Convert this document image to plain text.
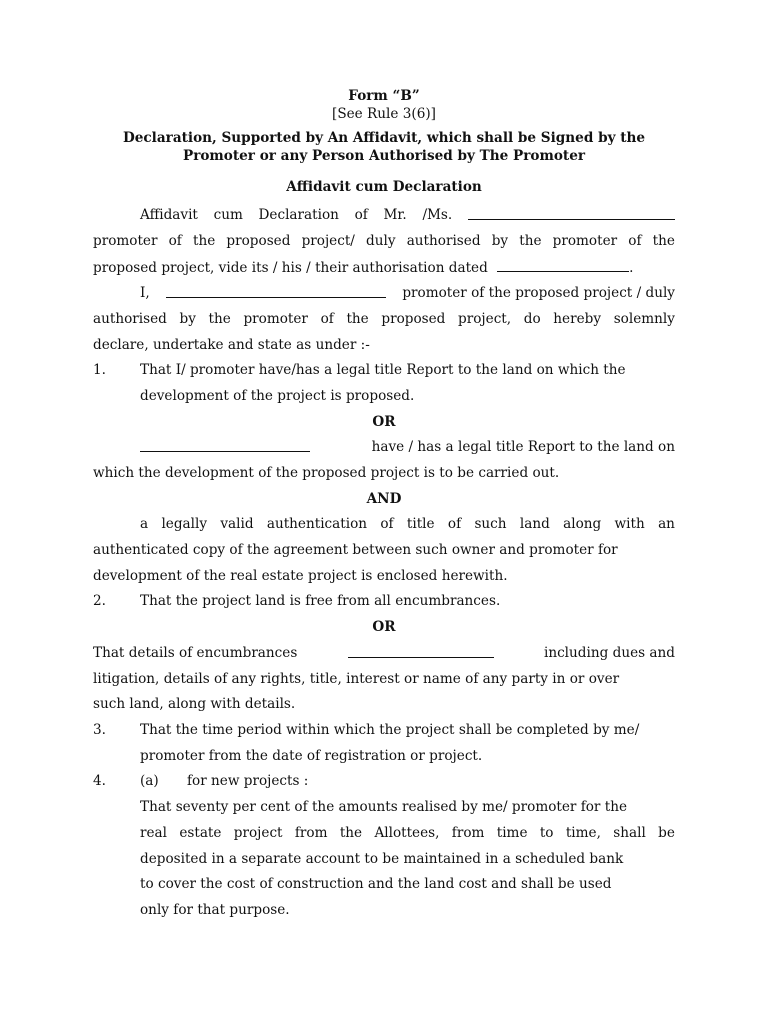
Form “B”
[See Rule 3(6)]
Declaration, Supported by An Affidavit, which shall be Signed by the
Promoter or any Person Authorised by The Promoter
Affidavit cum Declaration
Affidavit cum Declaration of Mr. /Ms.
promoter of the proposed project/ duly authorised by the promoter of the
proposed project, vide its / his / their authorisation dated	.
I,	promoter of the proposed project / duly
authorised by the promoter of the proposed project, do hereby solemnly
declare, undertake and state as under :-
1.	That I/ promoter have/has a legal title Report to the land on which the
development of the project is proposed.
OR
have / has a legal title Report to the land on
which the development of the proposed project is to be carried out.
AND
a legally valid authentication of title of such land along with an
authenticated copy of the agreement between such owner and promoter for
development of the real estate project is enclosed herewith.
2.	That the project land is free from all encumbrances.
OR
That details of encumbrances	including dues and
litigation, details of any rights, title, interest or name of any party in or over
such land, along with details.
3.	That the time period within which the project shall be completed by me/
promoter from the date of registration or project.
4.	(a) for new projects :
That seventy per cent of the amounts realised by me/ promoter for the
real estate project from the Allottees, from time to time, shall be
deposited in a separate account to be maintained in a scheduled bank
to cover the cost of construction and the land cost and shall be used
only for that purpose.
